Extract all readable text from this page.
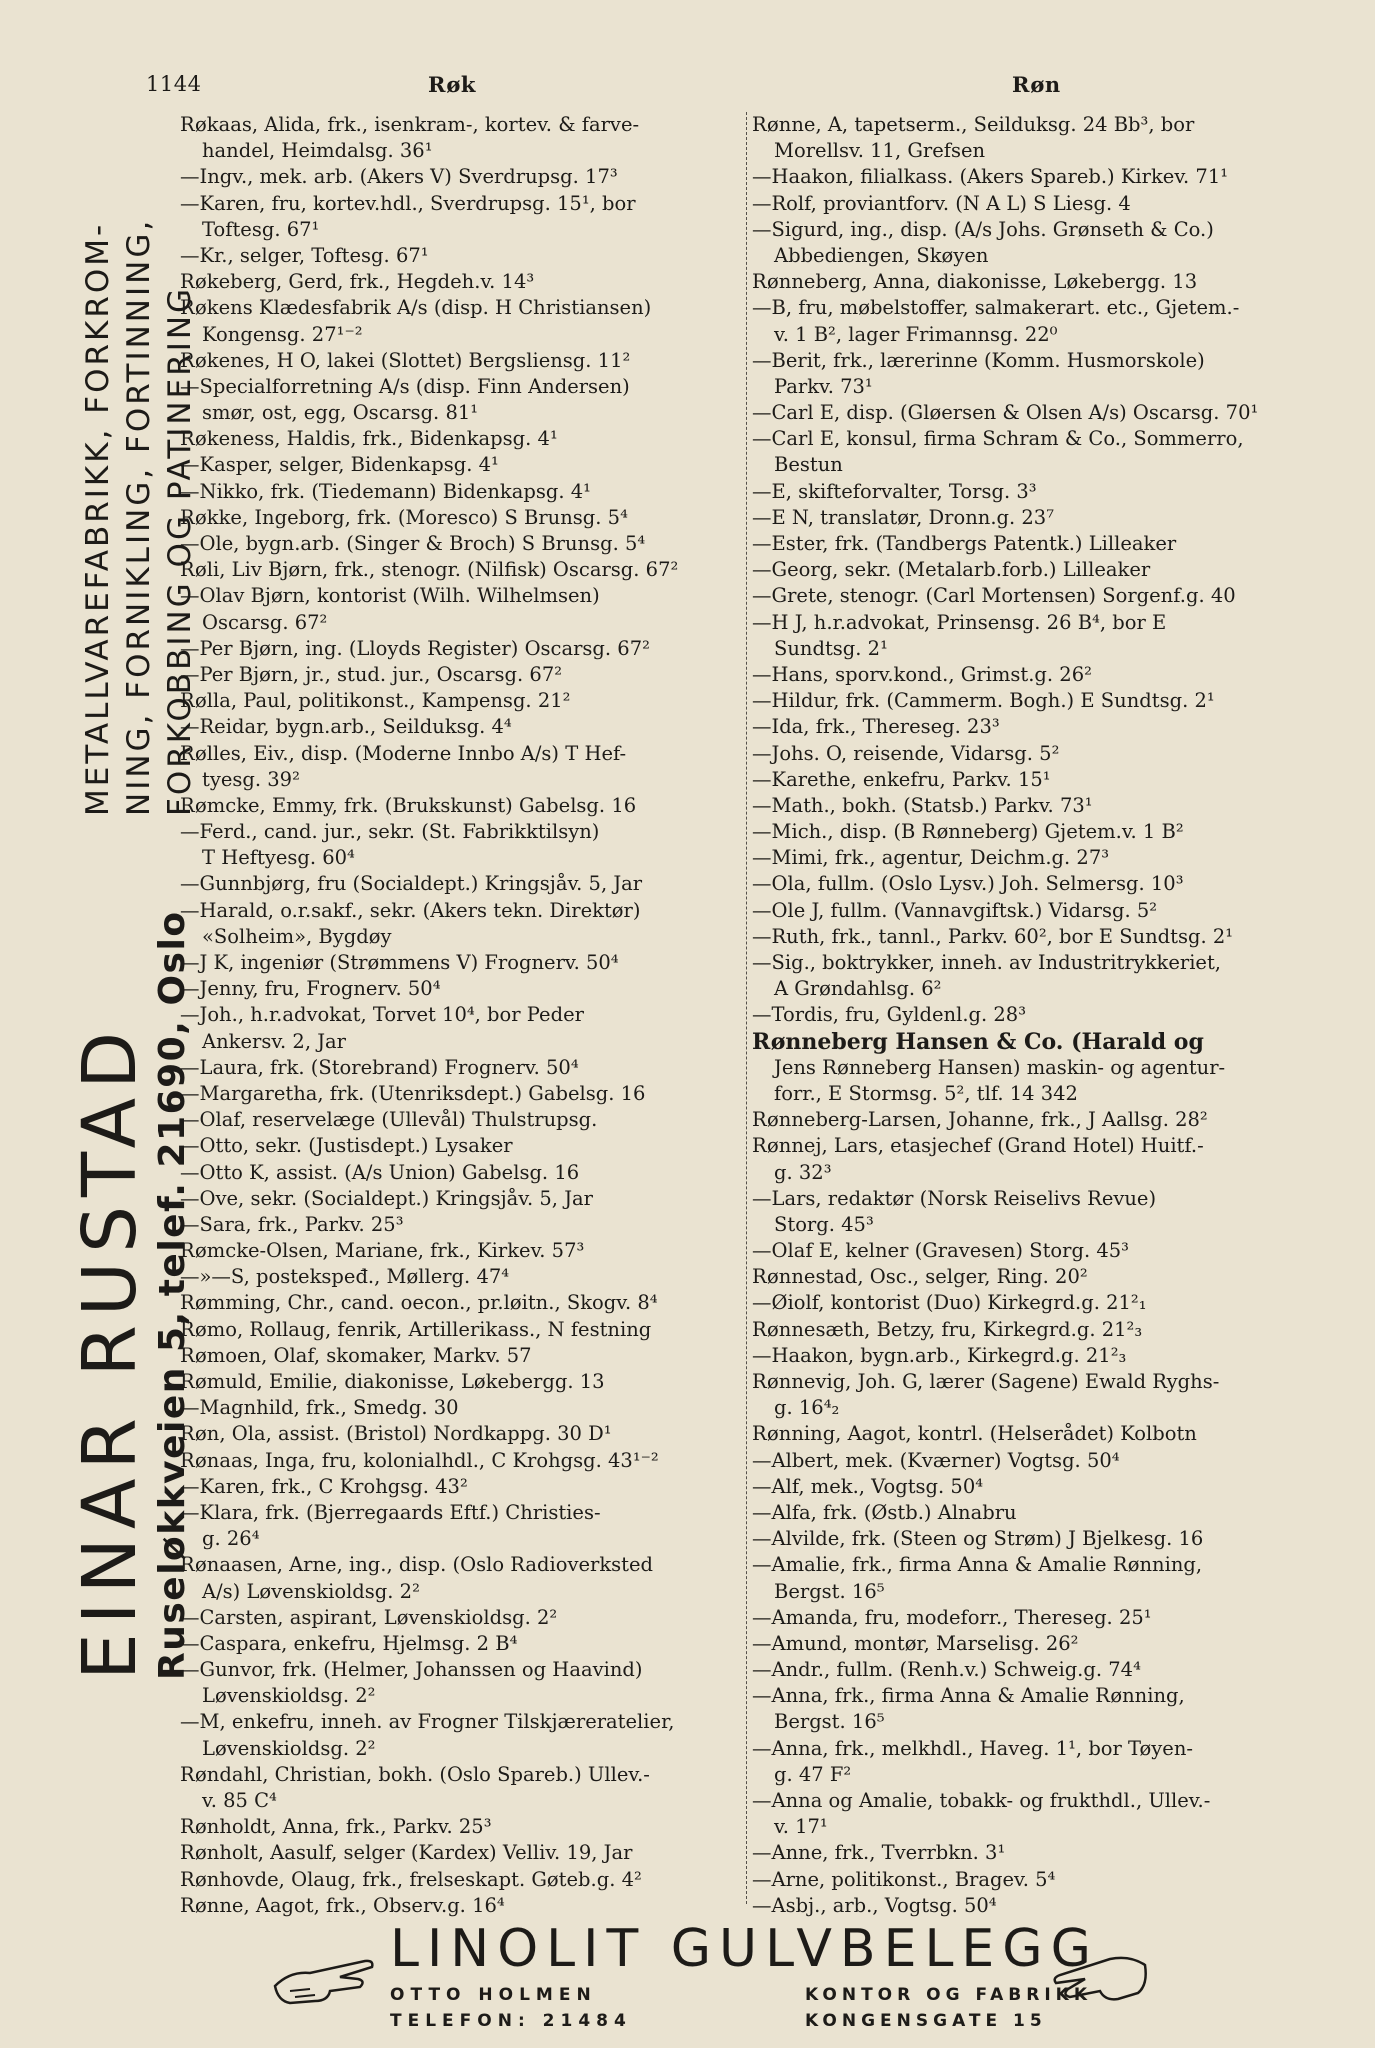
1144	Røk	Røn
EINAR RUSTAD Ruseløkkveien 5, telef. 21690, Oslo
METALLVAREFABRIKK, FORKROM- NING, FORNIKLING, FORTINNING, FORKOBBING OG PATINERING
Røkaas, Alida, frk., isenkram-, kortev. & farve-
handel, Heimdalsg. 36¹
—Ingv., mek. arb. (Akers V) Sverdrupsg. 17³
—Karen, fru, kortev.hdl., Sverdrupsg. 15¹, bor
Toftesg. 67¹
—Kr., selger, Toftesg. 67¹
Røkeberg, Gerd, frk., Hegdeh.v. 14³
Røkens Klædesfabrik A/s (disp. H Christiansen)
Kongensg. 27¹⁻²
Røkenes, H O, lakei (Slottet) Bergsliensg. 11²
—Specialforretning A/s (disp. Finn Andersen)
smør, ost, egg, Oscarsg. 81¹
Røkeness, Haldis, frk., Bidenkapsg. 4¹
—Kasper, selger, Bidenkapsg. 4¹
—Nikko, frk. (Tiedemann) Bidenkapsg. 4¹
Røkke, Ingeborg, frk. (Moresco) S Brunsg. 5⁴
—Ole, bygn.arb. (Singer & Broch) S Brunsg. 5⁴
Røli, Liv Bjørn, frk., stenogr. (Nilfisk) Oscarsg. 67²
—Olav Bjørn, kontorist (Wilh. Wilhelmsen)
Oscarsg. 67²
—Per Bjørn, ing. (Lloyds Register) Oscarsg. 67²
—Per Bjørn, jr., stud. jur., Oscarsg. 67²
Rølla, Paul, politikonst., Kampensg. 21²
—Reidar, bygn.arb., Seilduksg. 4⁴
Rølles, Eiv., disp. (Moderne Innbo A/s) T Hef-
tyesg. 39²
Rømcke, Emmy, frk. (Brukskunst) Gabelsg. 16
—Ferd., cand. jur., sekr. (St. Fabrikktilsyn)
T Heftyesg. 60⁴
—Gunnbjørg, fru (Socialdept.) Kringsjåv. 5, Jar
—Harald, o.r.sakf., sekr. (Akers tekn. Direktør)
«Solheim», Bygdøy
—J K, ingeniør (Strømmens V) Frognerv. 50⁴
—Jenny, fru, Frognerv. 50⁴
—Joh., h.r.advokat, Torvet 10⁴, bor Peder
Ankersv. 2, Jar
—Laura, frk. (Storebrand) Frognerv. 50⁴
—Margaretha, frk. (Utenriksdept.) Gabelsg. 16
—Olaf, reservelæge (Ullevål) Thulstrupsg.
—Otto, sekr. (Justisdept.) Lysaker
—Otto K, assist. (A/s Union) Gabelsg. 16
—Ove, sekr. (Socialdept.) Kringsjåv. 5, Jar
—Sara, frk., Parkv. 25³
Rømcke-Olsen, Mariane, frk., Kirkev. 57³
—»—S, postekspeđ., Møllerg. 47⁴
Rømming, Chr., cand. oecon., pr.løitn., Skogv. 8⁴
Rømo, Rollaug, fenrik, Artillerikass., N festning
Rømoen, Olaf, skomaker, Markv. 57
Rømuld, Emilie, diakonisse, Løkebergg. 13
—Magnhild, frk., Smedg. 30
Røn, Ola, assist. (Bristol) Nordkappg. 30 D¹
Rønaas, Inga, fru, kolonialhdl., C Krohgsg. 43¹⁻²
—Karen, frk., C Krohgsg. 43²
—Klara, frk. (Bjerregaards Eftf.) Christies-
g. 26⁴
Rønaasen, Arne, ing., disp. (Oslo Radioverksted
A/s) Løvenskioldsg. 2²
—Carsten, aspirant, Løvenskioldsg. 2²
—Caspara, enkefru, Hjelmsg. 2 B⁴
—Gunvor, frk. (Helmer, Johanssen og Haavind)
Løvenskioldsg. 2²
—M, enkefru, inneh. av Frogner Tilskjæreratelier,
Løvenskioldsg. 2²
Røndahl, Christian, bokh. (Oslo Spareb.) Ullev.-
v. 85 C⁴
Rønholdt, Anna, frk., Parkv. 25³
Rønholt, Aasulf, selger (Kardex) Velliv. 19, Jar
Rønhovde, Olaug, frk., frelseskapt. Gøteb.g. 4²
Rønne, Aagot, frk., Observ.g. 16⁴
Rønne, A, tapetserm., Seilduksg. 24 Bb³, bor
Morellsv. 11, Grefsen
—Haakon, filialkass. (Akers Spareb.) Kirkev. 71¹
—Rolf, proviantforv. (N A L) S Liesg. 4
—Sigurd, ing., disp. (A/s Johs. Grønseth & Co.)
Abbediengen, Skøyen
Rønneberg, Anna, diakonisse, Løkebergg. 13
—B, fru, møbelstoffer, salmakerart. etc., Gjetem.-
v. 1 B², lager Frimannsg. 22⁰
—Berit, frk., lærerinne (Komm. Husmorskole)
Parkv. 73¹
—Carl E, disp. (Gløersen & Olsen A/s) Oscarsg. 70¹
—Carl E, konsul, firma Schram & Co., Sommerro,
Bestun
—E, skifteforvalter, Torsg. 3³
—E N, translatør, Dronn.g. 23⁷
—Ester, frk. (Tandbergs Patentk.) Lilleaker
—Georg, sekr. (Metalarb.forb.) Lilleaker
—Grete, stenogr. (Carl Mortensen) Sorgenf.g. 40
—H J, h.r.advokat, Prinsensg. 26 B⁴, bor E
Sundtsg. 2¹
—Hans, sporv.kond., Grimst.g. 26²
—Hildur, frk. (Cammerm. Bogh.) E Sundtsg. 2¹
—Ida, frk., Thereseg. 23³
—Johs. O, reisende, Vidarsg. 5²
—Karethe, enkefru, Parkv. 15¹
—Math., bokh. (Statsb.) Parkv. 73¹
—Mich., disp. (B Rønneberg) Gjetem.v. 1 B²
—Mimi, frk., agentur, Deichm.g. 27³
—Ola, fullm. (Oslo Lysv.) Joh. Selmersg. 10³
—Ole J, fullm. (Vannavgiftsk.) Vidarsg. 5²
—Ruth, frk., tannl., Parkv. 60², bor E Sundtsg. 2¹
—Sig., boktrykker, inneh. av Industritrykkeriet,
A Grøndahlsg. 6²
—Tordis, fru, Gyldenl.g. 28³
Rønneberg Hansen & Co. (Harald og
Jens Rønneberg Hansen) maskin- og agentur-
forr., E Stormsg. 5², tlf. 14 342
Rønneberg-Larsen, Johanne, frk., J Aallsg. 28²
Rønnej, Lars, etasjechef (Grand Hotel) Huitf.-
g. 32³
—Lars, redaktør (Norsk Reiselivs Revue)
Storg. 45³
—Olaf E, kelner (Gravesen) Storg. 45³
Rønnestad, Osc., selger, Ring. 20²
—Øiolf, kontorist (Duo) Kirkegrd.g. 21²₁
Rønnesæth, Betzy, fru, Kirkegrd.g. 21²₃
—Haakon, bygn.arb., Kirkegrd.g. 21²₃
Rønnevig, Joh. G, lærer (Sagene) Ewald Ryghs-
g. 16⁴₂
Rønning, Aagot, kontrl. (Helserådet) Kolbotn
—Albert, mek. (Kværner) Vogtsg. 50⁴
—Alf, mek., Vogtsg. 50⁴
—Alfa, frk. (Østb.) Alnabru
—Alvilde, frk. (Steen og Strøm) J Bjelkesg. 16
—Amalie, frk., firma Anna & Amalie Rønning,
Bergst. 16⁵
—Amanda, fru, modeforr., Thereseg. 25¹
—Amund, montør, Marselisg. 26²
—Andr., fullm. (Renh.v.) Schweig.g. 74⁴
—Anna, frk., firma Anna & Amalie Rønning,
Bergst. 16⁵
—Anna, frk., melkhdl., Haveg. 1¹, bor Tøyen-
g. 47 F²
—Anna og Amalie, tobakk- og frukthdl., Ullev.-
v. 17¹
—Anne, frk., Tverrbkn. 3¹
—Arne, politikonst., Bragev. 5⁴
—Asbj., arb., Vogtsg. 50⁴
LINOLIT GULVBELEGG
OTTO HOLMEN
TELEFON: 21484
KONTOR OG FABRIKK
KONGENSGATE 15
